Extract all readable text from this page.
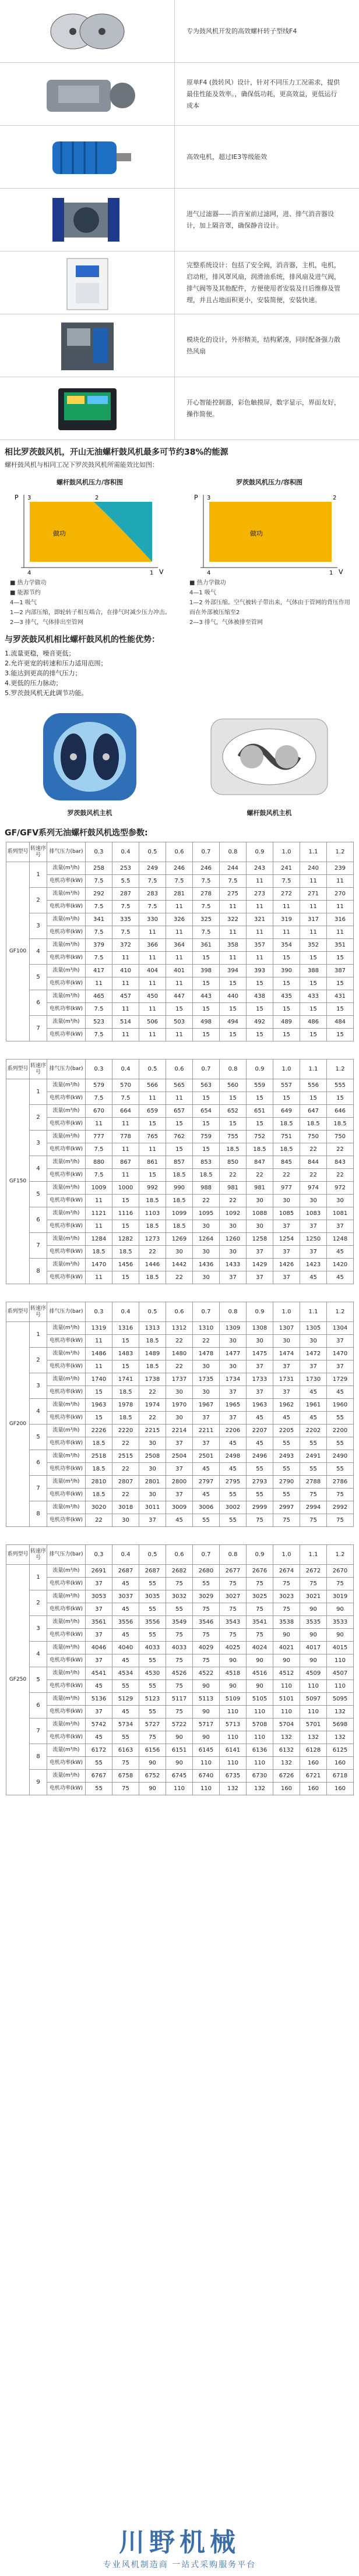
专为鼓风机开发的高效螺杆转子型线F4
原单F4 (鼓转风）设计，针对不同压力工况需求，提供最佳性能及效率。，确保低功耗，更高效益，更低运行成本
高效电机，超过IE3等级能效
进气过滤器——消音室前过滤网，进、排气消音器设计，加上隔音罩，确保静音设计。
完整系统设计：包括了安全阀，消音器，主机，电机，启动柜，排风罩风扇，润滑油系统，排风扇及进气阀，排气阀等及其他配件，方便使用者安装及日后维修及管理，并且占地面积更小，安装简便，安装快速。
模块化的设计，外形精美，结构紧凑，同时配备强力散热风扇
开心智能控制器，彩色触摸屏，数字显示，界面友好，操作简便。
相比罗茨鼓风机，开山无油螺杆鼓风机最多可节约38%的能源
螺杆鼓风机与相同工况下罗茨鼓风机所需能效比如图：
螺杆鼓风机压力/容积图
做功
P
V
2
3
4	1
■ 热力学做功
■ 能源节约
4—1 吸气
1—2 内部压缩，即轮转子相互啮合，在排气时减少压力冲击。
2—3 排气，气体排出至管网
罗茨鼓风机压力/容积图
做功
P
V
2
3
4	1
■ 热力学做功
4—1 吸气
1—2 外部压缩。空气被转子带出来，气体由于管网的背压作用而在外部被压缩至2
2—3 排气，气体被排至管网
与罗茨鼓风机相比螺杆鼓风机的性能优势：
1.流量更稳，噪音更低；
2.允许更宽的转速和压力适用范围；
3.能达到更高的排气压力；
4.更低的压力脉动；
5.罗茨鼓风机无此调节功能。
罗茨鼓风机主机	螺杆鼓风机主机
GF/GFV系列无油螺杆鼓风机选型参数:
系列型号	转速序号	排气压力(bar)	0.3	0.4	0.5	0.6	0.7	0.8	0.9	1.0	1.1	1.2
GF100	1	流量(m³/h)	258	253	249	246	246	244	243	241	240	239
		电机功率(kW)	7.5	5.5	7.5	7.5	7.5	7.5	11	7.5	11	11
	2	流量(m³/h)	292	287	283	281	278	275	273	272	271	270
		电机功率(kW)	7.5	7.5	7.5	11	7.5	11	11	11	11	11
	3	流量(m³/h)	341	335	330	326	325	322	321	319	317	316
		电机功率(kW)	7.5	7.5	11	11	7.5	11	11	11	11	11
	4	流量(m³/h)	379	372	366	364	361	358	357	354	352	351
		电机功率(kW)	7.5	11	11	11	15	11	11	15	15	15
	5	流量(m³/h)	417	410	404	401	398	394	393	390	388	387
		电机功率(kW)	11	11	11	11	15	15	15	15	15	15
	6	流量(m³/h)	465	457	450	447	443	440	438	435	433	431
		电机功率(kW)	7.5	11	11	15	15	15	15	15	15	15
	7	流量(m³/h)	523	514	506	503	498	494	492	489	486	484
		电机功率(kW)	7.5	11	11	11	15	15	15	15	15	15
系列型号	转速序号	排气压力(bar)	0.3	0.4	0.5	0.6	0.7	0.8	0.9	1.0	1.1	1.2
GF150	1	流量(m³/h)	579	570	566	565	563	560	559	557	556	555
		电机功率(kW)	7.5	7.5	11	11	15	15	15	15	15	15
	2	流量(m³/h)	670	664	659	657	654	652	651	649	647	646
		电机功率(kW)	11	11	15	15	15	15	15	18.5	18.5	18.5
	3	流量(m³/h)	777	778	765	762	759	755	752	751	750	750
		电机功率(kW)	7.5	11	11	15	15	18.5	18.5	18.5	22	22
	4	流量(m³/h)	880	867	861	857	853	850	847	845	844	843
		电机功率(kW)	7.5	11	15	18.5	18.5	22	22	22	22	22
	5	流量(m³/h)	1009	1000	992	990	988	981	981	977	974	972
		电机功率(kW)	11	15	18.5	18.5	22	22	30	30	30	30
	6	流量(m³/h)	1121	1116	1103	1099	1095	1092	1088	1085	1083	1081
		电机功率(kW)	11	15	18.5	18.5	30	30	30	37	37	37
	7	流量(m³/h)	1284	1282	1273	1269	1264	1260	1258	1254	1250	1248
		电机功率(kW)	18.5	18.5	22	30	30	30	37	37	37	45
	8	流量(m³/h)	1470	1456	1446	1442	1436	1433	1429	1426	1423	1420
		电机功率(kW)	11	15	18.5	22	30	37	37	37	45	45
系列型号	转速序号	排气压力(bar)	0.3	0.4	0.5	0.6	0.7	0.8	0.9	1.0	1.1	1.2
GF200	1	流量(m³/h)	1319	1316	1313	1312	1310	1309	1308	1307	1305	1304
		电机功率(kW)	11	15	18.5	22	22	30	30	30	30	37
	2	流量(m³/h)	1486	1483	1489	1480	1478	1477	1475	1474	1472	1470
		电机功率(kW)	11	15	18.5	22	30	30	37	37	37	37
	3	流量(m³/h)	1740	1741	1738	1737	1735	1734	1733	1731	1730	1729
		电机功率(kW)	15	18.5	22	30	30	37	37	37	45	45
	4	流量(m³/h)	1963	1978	1974	1970	1967	1965	1963	1962	1961	1960
		电机功率(kW)	15	18.5	22	30	37	37	45	45	45	55
	5	流量(m³/h)	2226	2220	2215	2214	2211	2206	2207	2205	2202	2200
		电机功率(kW)	18.5	22	30	37	37	45	45	55	55	55
	6	流量(m³/h)	2518	2515	2508	2504	2501	2498	2496	2493	2491	2490
		电机功率(kW)	18.5	22	30	37	45	45	55	55	55	55
	7	流量(m³/h)	2810	2807	2801	2800	2797	2795	2793	2790	2788	2786
		电机功率(kW)	18.5	22	30	37	45	55	55	55	75	75
	8	流量(m³/h)	3020	3018	3011	3009	3006	3002	2999	2997	2994	2992
		电机功率(kW)	22	30	37	45	55	55	75	75	75	75
系列型号	转速序号	排气压力(bar)	0.3	0.4	0.5	0.6	0.7	0.8	0.9	1.0	1.1	1.2
GF250	1	流量(m³/h)	2691	2687	2687	2682	2680	2677	2676	2674	2672	2670
		电机功率(kW)	37	45	55	75	55	75	75	75	75	75
	2	流量(m³/h)	3053	3037	3035	3032	3029	3027	3025	3023	3021	3019
		电机功率(kW)	37	45	55	55	75	75	75	75	90	90
	3	流量(m³/h)	3561	3556	3556	3549	3546	3543	3541	3538	3535	3533
		电机功率(kW)	37	45	55	75	75	75	75	90	90	90
	4	流量(m³/h)	4046	4040	4033	4033	4029	4025	4024	4021	4017	4015
		电机功率(kW)	37	45	55	75	75	90	90	90	90	110
	5	流量(m³/h)	4541	4534	4530	4526	4522	4518	4516	4512	4509	4507
		电机功率(kW)	45	55	55	75	90	90	90	110	110	110
	6	流量(m³/h)	5136	5129	5123	5117	5113	5109	5105	5101	5097	5095
		电机功率(kW)	37	45	55	75	90	110	110	110	110	132
	7	流量(m³/h)	5742	5734	5727	5722	5717	5713	5708	5704	5701	5698
		电机功率(kW)	45	55	75	90	90	110	110	132	132	132
	8	流量(m³/h)	6172	6163	6156	6151	6145	6141	6136	6132	6128	6125
		电机功率(kW)	55	75	90	90	110	110	110	132	160	160
	9	流量(m³/h)	6767	6758	6752	6745	6740	6735	6730	6726	6721	6718
		电机功率(kW)	55	75	90	110	110	132	132	160	160	160
川野机械
专业风机制造商 一站式采购服务平台
